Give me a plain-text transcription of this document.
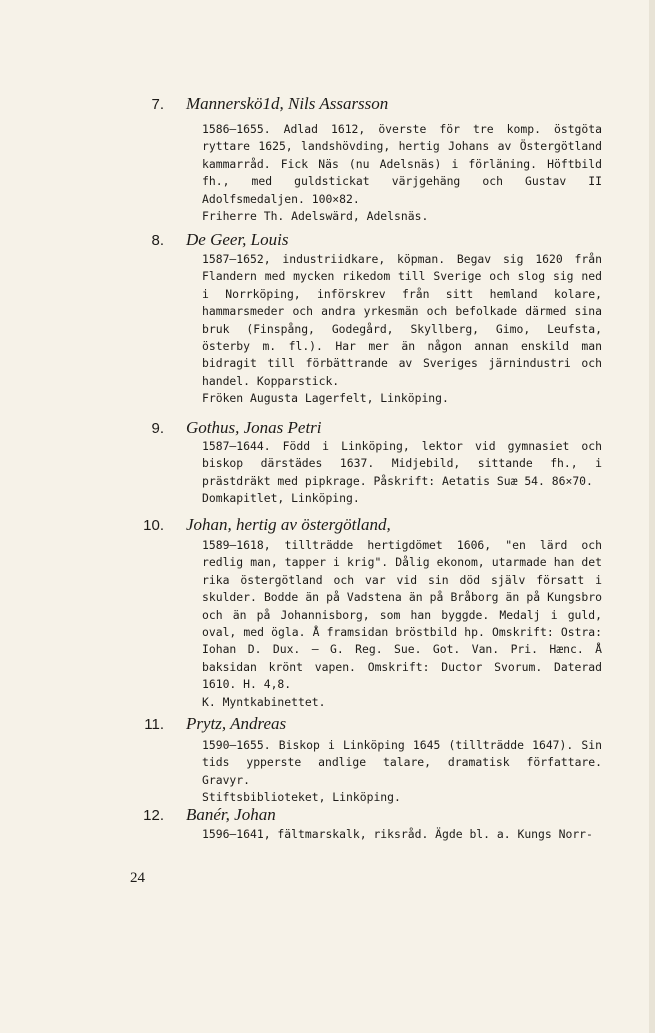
7. Mannerskö1d, Nils Assarsson

1586—1655. Adlad 1612, överste för tre komp. östgöta ryttare 1625, landshövding, hertig Johans av Östergötland kammarråd. Fick Näs (nu Adelsnäs) i förläning. Höftbild fh., med guldstickat värjgehäng och Gustav II Adolfsmedaljen. 100×82.

Friherre Th. Adelswärd, Adelsnäs.
8. De Geer, Louis

1587—1652, industriidkare, köpman. Begav sig 1620 från Flandern med mycken rikedom till Sverige och slog sig ned i Norrköping, införskrev från sitt hemland kolare, hammarsmeder och andra yrkesmän och befolkade därmed sina bruk (Finspång, Godegård, Skyllberg, Gimo, Leufsta, österby m. fl.). Har mer än någon annan enskild man bidragit till förbättrande av Sveriges järnindustri och handel. Kopparstick.

Fröken Augusta Lagerfelt, Linköping.
9. Gothus, Jonas Petri

1587—1644. Född i Linköping, lektor vid gymnasiet och biskop därstädes 1637. Midjebild, sittande fh., i prästdräkt med pipkrage. Påskrift: Aetatis Suæ 54. 86×70.

Domkapitlet, Linköping.
10. Johan, hertig av östergötland,

1589—1618, tillträdde hertigdömet 1606, "en lärd och redlig man, tapper i krig". Dålig ekonom, utarmade han det rika östergötland och var vid sin död själv försatt i skulder. Bodde än på Vadstena än på Bråborg än på Kungsbro och än på Johannisborg, som han byggde. Medalj i guld, oval, med ögla. Å framsidan bröstbild hp. Omskrift: Ostra: Iohan D. Dux. — G. Reg. Sue. Got. Van. Pri. Hænc. Å baksidan krönt vapen. Omskrift: Ductor Svorum. Daterad 1610. H. 4,8.

K. Myntkabinettet.
11. Prytz, Andreas

1590—1655. Biskop i Linköping 1645 (tillträdde 1647). Sin tids ypperste andlige talare, dramatisk författare. Gravyr.

Stiftsbiblioteket, Linköping.
12. Banér, Johan

1596—1641, fältmarskalk, riksråd. Ägde bl. a. Kungs Norr-

24
